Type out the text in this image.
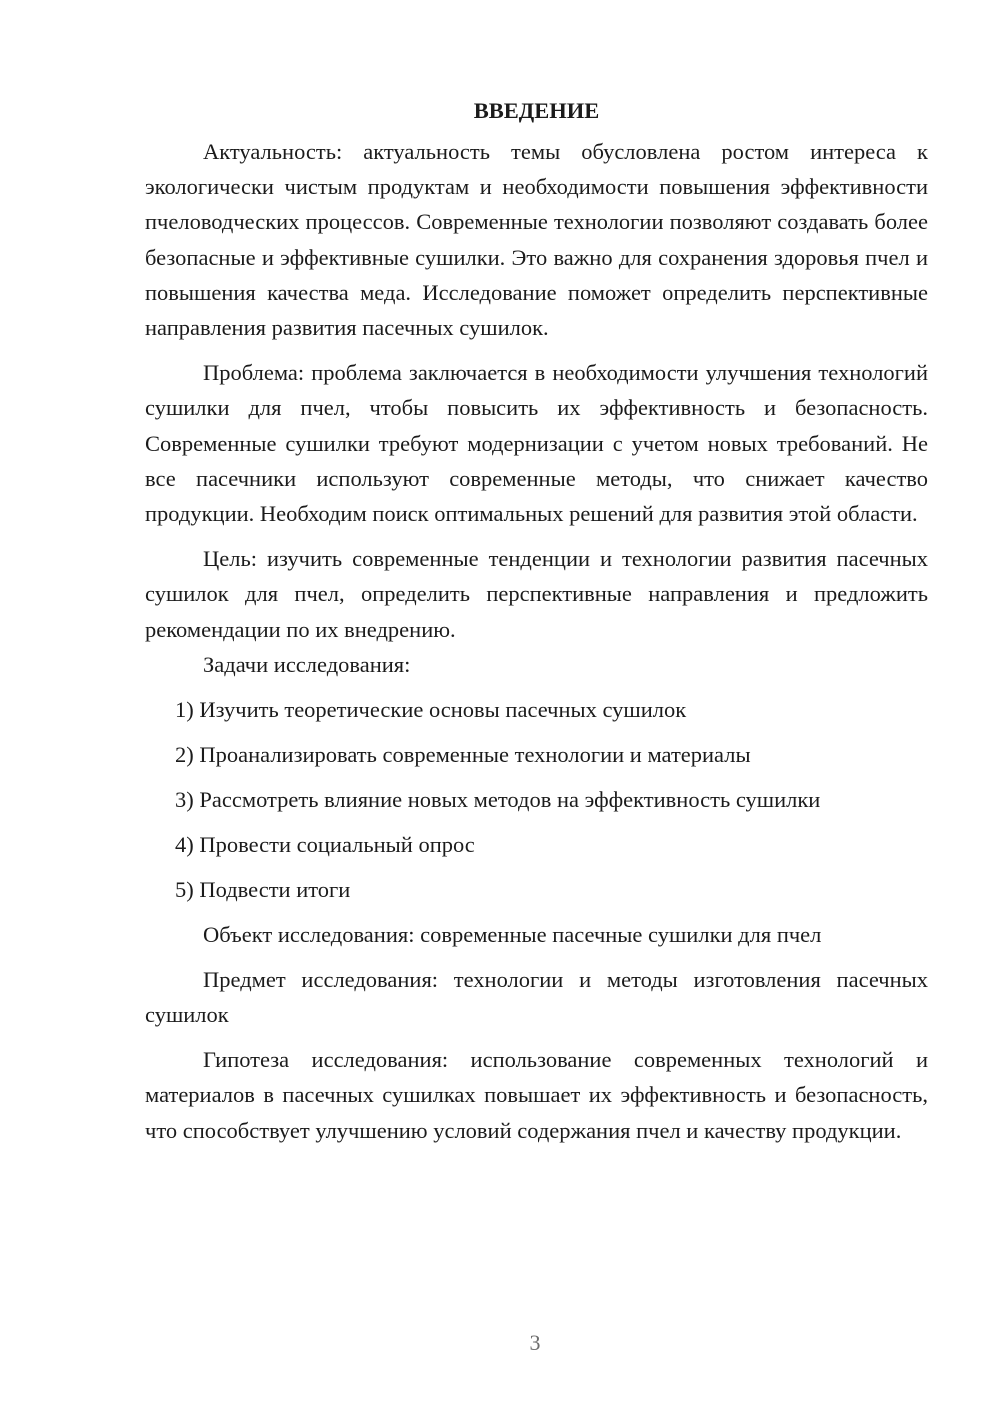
ВВЕДЕНИЕ

Актуальность: актуальность темы обусловлена ростом интереса к экологически чистым продуктам и необходимости повышения эффективности пчеловодческих процессов. Современные технологии позволяют создавать более безопасные и эффективные сушилки. Это важно для сохранения здоровья пчел и повышения качества меда. Исследование поможет определить перспективные направления развития пасечных сушилок.

Проблема: проблема заключается в необходимости улучшения технологий сушилки для пчел, чтобы повысить их эффективность и безопасность. Современные сушилки требуют модернизации с учетом новых требований. Не все пасечники используют современные методы, что снижает качество продукции. Необходим поиск оптимальных решений для развития этой области.

Цель: изучить современные тенденции и технологии развития пасечных сушилок для пчел, определить перспективные направления и предложить рекомендации по их внедрению.

Задачи исследования:

1) Изучить теоретические основы пасечных сушилок
2) Проанализировать современные технологии и материалы
3) Рассмотреть влияние новых методов на эффективность сушилки
4) Провести социальный опрос
5) Подвести итоги

Объект исследования: современные пасечные сушилки для пчел

Предмет исследования: технологии и методы изготовления пасечных сушилок

Гипотеза исследования: использование современных технологий и материалов в пасечных сушилках повышает их эффективность и безопасность, что способствует улучшению условий содержания пчел и качеству продукции.

3
